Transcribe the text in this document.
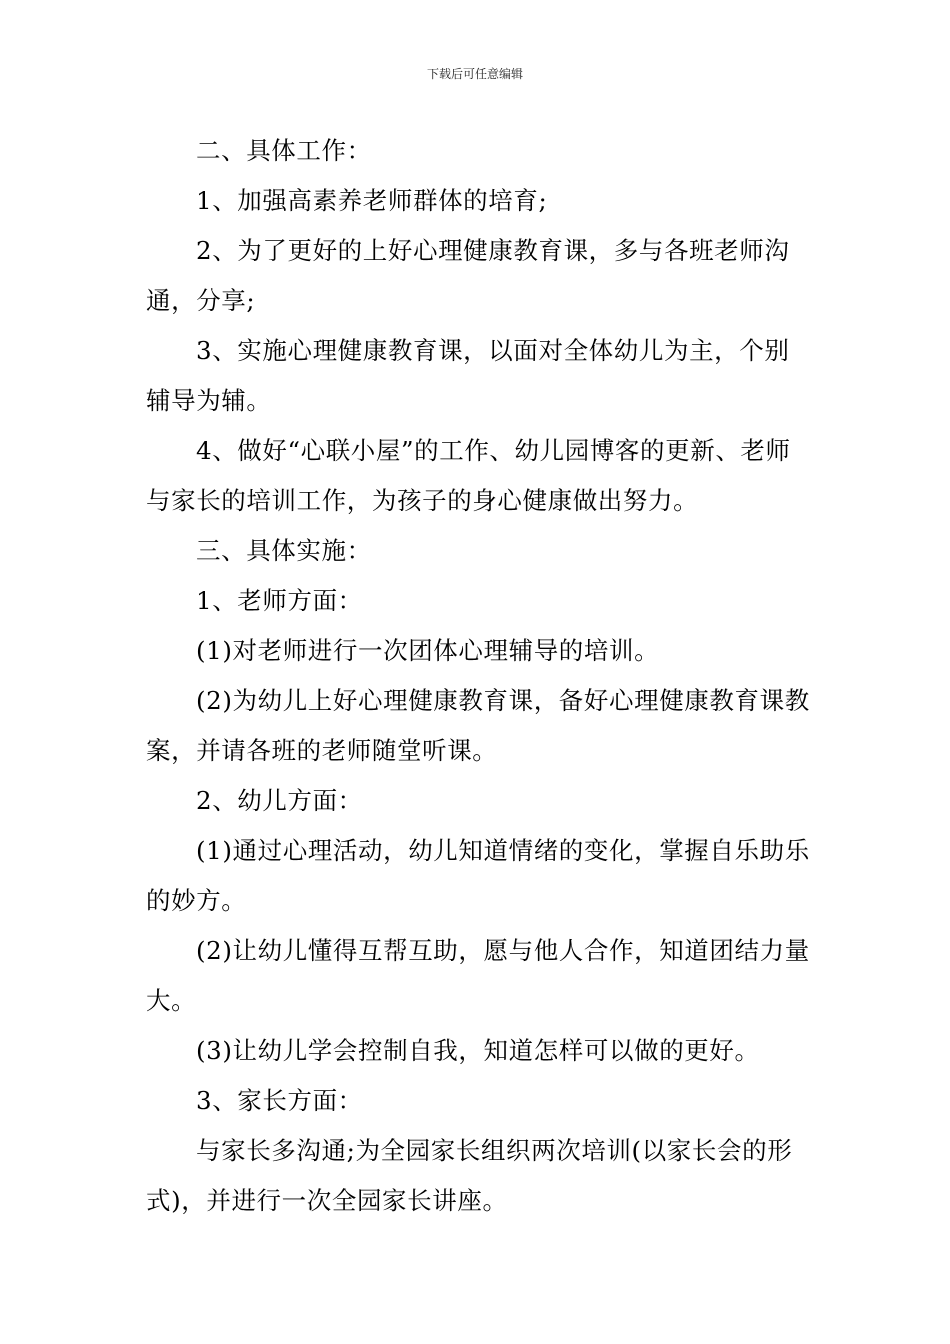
下载后可任意编辑

二、具体工作：

1、加强高素养老师群体的培育;

2、为了更好的上好心理健康教育课，多与各班老师沟通，分享;

3、实施心理健康教育课，以面对全体幼儿为主，个别辅导为辅。

4、做好“心联小屋”的工作、幼儿园博客的更新、老师与家长的培训工作，为孩子的身心健康做出努力。

三、具体实施：

1、老师方面：

(1)对老师进行一次团体心理辅导的培训。

(2)为幼儿上好心理健康教育课，备好心理健康教育课教案，并请各班的老师随堂听课。

2、幼儿方面：

(1)通过心理活动，幼儿知道情绪的变化，掌握自乐助乐的妙方。

(2)让幼儿懂得互帮互助，愿与他人合作，知道团结力量大。

(3)让幼儿学会控制自我，知道怎样可以做的更好。

3、家长方面：

与家长多沟通;为全园家长组织两次培训(以家长会的形式)，并进行一次全园家长讲座。
